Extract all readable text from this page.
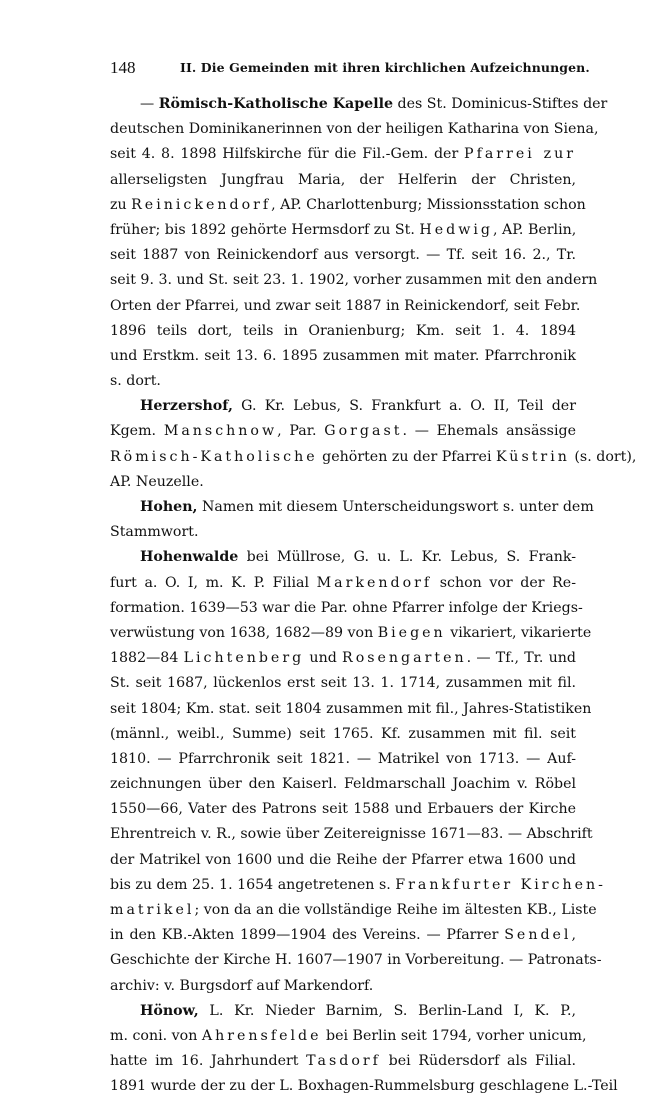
148	II. Die Gemeinden mit ihren kirchlichen Aufzeichnungen.
— Römisch-Katholische Kapelle des St. Dominicus-Stiftes der
deutschen Dominikanerinnen von der heiligen Katharina von Siena,
seit 4. 8. 1898 Hilfskirche für die Fil.-Gem. der Pfarrei zur
allerseligsten Jungfrau Maria, der Helferin der Christen,
zu Reinickendorf, AP. Charlottenburg; Missionsstation schon
früher; bis 1892 gehörte Hermsdorf zu St. Hedwig, AP. Berlin,
seit 1887 von Reinickendorf aus versorgt. — Tf. seit 16. 2., Tr.
seit 9. 3. und St. seit 23. 1. 1902, vorher zusammen mit den andern
Orten der Pfarrei, und zwar seit 1887 in Reinickendorf, seit Febr.
1896 teils dort, teils in Oranienburg; Km. seit 1. 4. 1894
und Erstkm. seit 13. 6. 1895 zusammen mit mater. Pfarrchronik
s. dort.
Herzershof, G. Kr. Lebus, S. Frankfurt a. O. II, Teil der
Kgem. Manschnow, Par. Gorgast. — Ehemals ansässige
Römisch-Katholische gehörten zu der Pfarrei Küstrin (s. dort),
AP. Neuzelle.
Hohen, Namen mit diesem Unterscheidungswort s. unter dem
Stammwort.
Hohenwalde bei Müllrose, G. u. L. Kr. Lebus, S. Frank-
furt a. O. I, m. K. P. Filial Markendorf schon vor der Re-
formation. 1639—53 war die Par. ohne Pfarrer infolge der Kriegs-
verwüstung von 1638, 1682—89 von Biegen vikariert, vikarierte
1882—84 Lichtenberg und Rosengarten. — Tf., Tr. und
St. seit 1687, lückenlos erst seit 13. 1. 1714, zusammen mit fil.
seit 1804; Km. stat. seit 1804 zusammen mit fil., Jahres-Statistiken
(männl., weibl., Summe) seit 1765. Kf. zusammen mit fil. seit
1810. — Pfarrchronik seit 1821. — Matrikel von 1713. — Auf-
zeichnungen über den Kaiserl. Feldmarschall Joachim v. Röbel
1550—66, Vater des Patrons seit 1588 und Erbauers der Kirche
Ehrentreich v. R., sowie über Zeitereignisse 1671—83. — Abschrift
der Matrikel von 1600 und die Reihe der Pfarrer etwa 1600 und
bis zu dem 25. 1. 1654 angetretenen s. Frankfurter Kirchen-
matrikel; von da an die vollständige Reihe im ältesten KB., Liste
in den KB.-Akten 1899—1904 des Vereins. — Pfarrer Sendel,
Geschichte der Kirche H. 1607—1907 in Vorbereitung. — Patronats-
archiv: v. Burgsdorf auf Markendorf.
Hönow, L. Kr. Nieder Barnim, S. Berlin-Land I, K. P.,
m. coni. von Ahrensfelde bei Berlin seit 1794, vorher unicum,
hatte im 16. Jahrhundert Tasdorf bei Rüdersdorf als Filial.
1891 wurde der zu der L. Boxhagen-Rummelsburg geschlagene L.-Teil
